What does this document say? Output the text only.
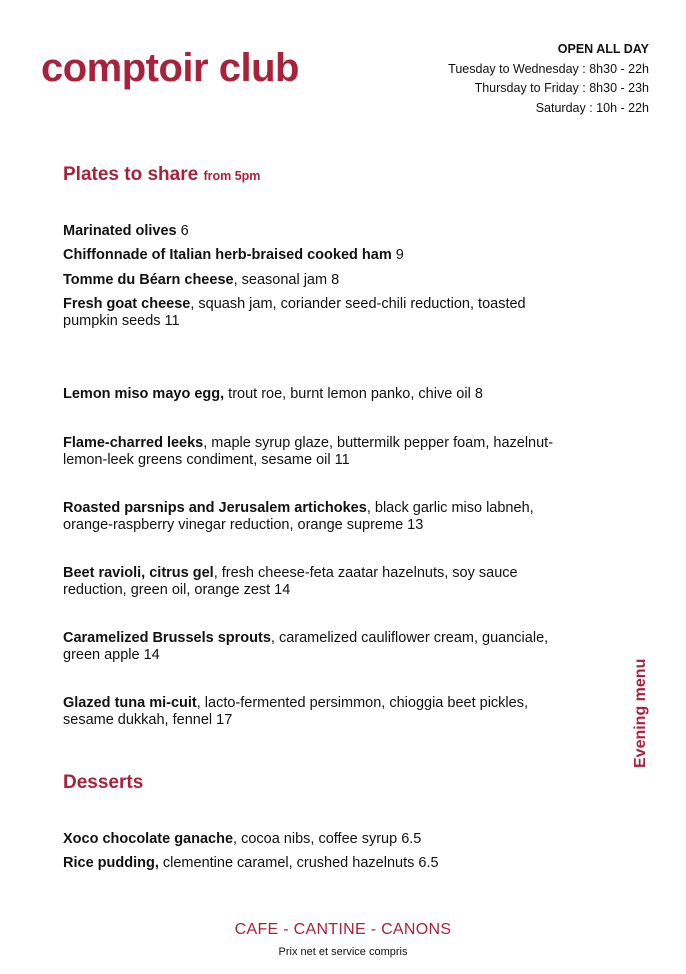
comptoir club	OPEN ALL DAY
Tuesday to Wednesday : 8h30 - 22h
Thursday to Friday : 8h30 - 23h
Saturday : 10h - 22h
Plates to share from 5pm
Marinated olives 6
Chiffonnade of Italian herb-braised cooked ham 9
Tomme du Béarn cheese, seasonal jam 8
Fresh goat cheese, squash jam, coriander seed-chili reduction, toasted pumpkin seeds 11
Lemon miso mayo egg, trout roe, burnt lemon panko, chive oil 8
Flame-charred leeks, maple syrup glaze, buttermilk pepper foam, hazelnut-lemon-leek greens condiment, sesame oil 11
Roasted parsnips and Jerusalem artichokes, black garlic miso labneh, orange-raspberry vinegar reduction, orange supreme 13
Beet ravioli, citrus gel, fresh cheese-feta zaatar hazelnuts, soy sauce reduction, green oil, orange zest 14
Caramelized Brussels sprouts, caramelized cauliflower cream, guanciale, green apple 14
Glazed tuna mi-cuit, lacto-fermented persimmon, chioggia beet pickles, sesame dukkah, fennel 17
Desserts
Xoco chocolate ganache, cocoa nibs, coffee syrup 6.5
Rice pudding, clementine caramel, crushed hazelnuts 6.5
Evening menu
CAFE - CANTINE - CANONS
Prix net et service compris
